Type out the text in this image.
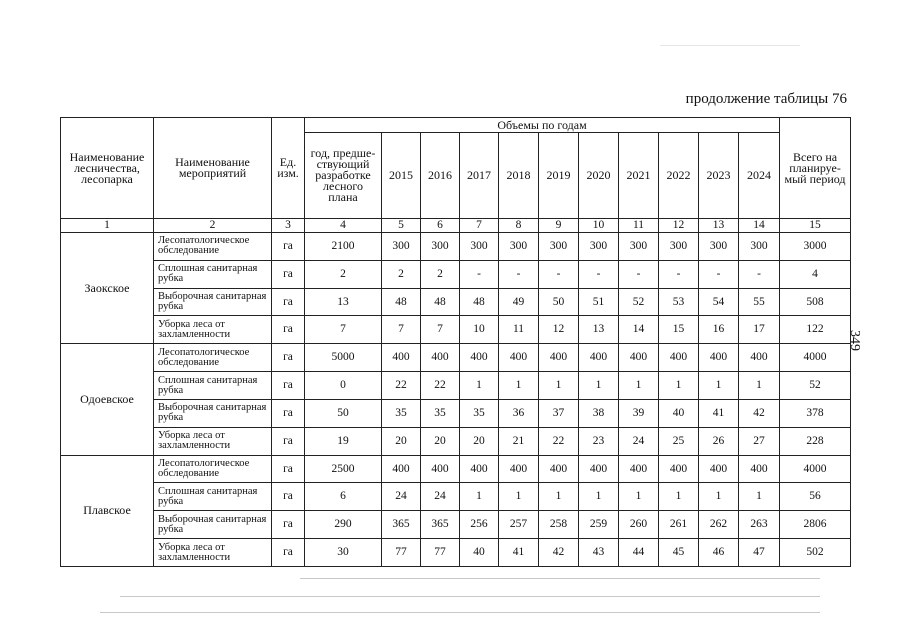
продолжение таблицы 76
349
Наименование лесничества, лесопарка	Наименование мероприятий	Ед. изм.	Объемы по годам											Всего на планируе-мый период
			год, предше-ствующий разработке лесного плана	2015	2016	2017	2018	2019	2020	2021	2022	2023	2024	
1	2	3	4	5	6	7	8	9	10	11	12	13	14	15
Заокское	Лесопатологическое обследование	га	2100	300	300	300	300	300	300	300	300	300	300	3000
	Сплошная санитарная рубка	га	2	2	2	-	-	-	-	-	-	-	-	4
	Выборочная санитарная рубка	га	13	48	48	48	49	50	51	52	53	54	55	508
	Уборка леса от захламленности	га	7	7	7	10	11	12	13	14	15	16	17	122
Одоевское	Лесопатологическое обследование	га	5000	400	400	400	400	400	400	400	400	400	400	4000
	Сплошная санитарная рубка	га	0	22	22	1	1	1	1	1	1	1	1	52
	Выборочная санитарная рубка	га	50	35	35	35	36	37	38	39	40	41	42	378
	Уборка леса от захламленности	га	19	20	20	20	21	22	23	24	25	26	27	228
Плавское	Лесопатологическое обследование	га	2500	400	400	400	400	400	400	400	400	400	400	4000
	Сплошная санитарная рубка	га	6	24	24	1	1	1	1	1	1	1	1	56
	Выборочная санитарная рубка	га	290	365	365	256	257	258	259	260	261	262	263	2806
	Уборка леса от захламленности	га	30	77	77	40	41	42	43	44	45	46	47	502
